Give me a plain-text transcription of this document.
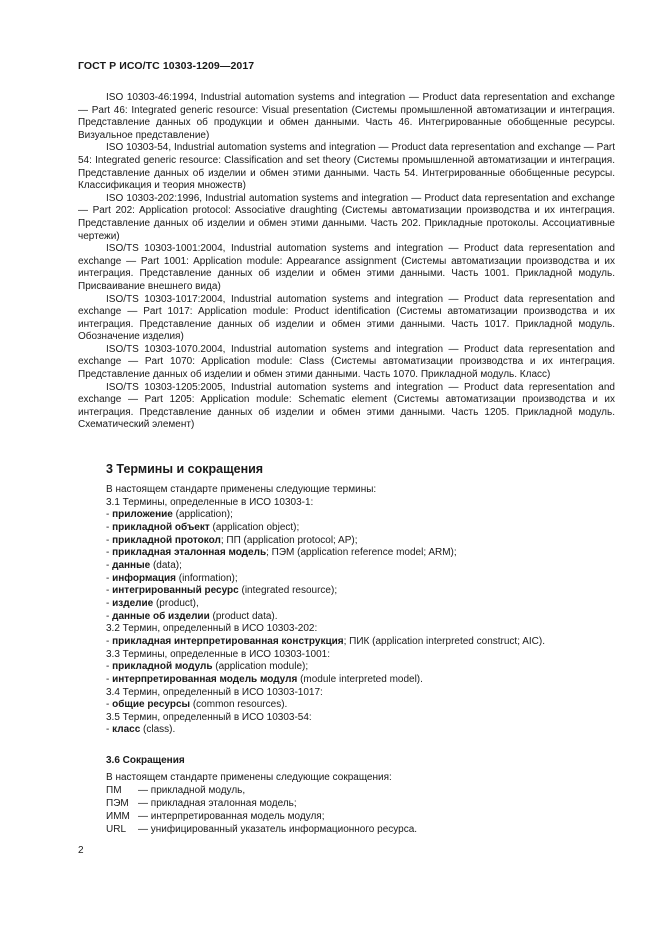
ГОСТ Р ИСО/ТС 10303-1209—2017

ISO 10303-46:1994, Industrial automation systems and integration — Product data representation and exchange — Part 46: Integrated generic resource: Visual presentation (Системы промышленной автоматизации и интеграция. Представление данных об продукции и обмен данными. Часть 46. Интегрированные обобщенные ресурсы. Визуальное представление)

ISO 10303-54, Industrial automation systems and integration — Product data representation and exchange — Part 54: Integrated generic resource: Classification and set theory (Системы промышленной автоматизации и интеграция. Представление данных об изделии и обмен этими данными. Часть 54. Интегрированные обобщенные ресурсы. Классификация и теория множеств)

ISO 10303-202:1996, Industrial automation systems and integration — Product data representation and exchange — Part 202: Application protocol: Associative draughting (Системы автоматизации производства и их интеграция. Представление данных об изделии и обмен этими данными. Часть 202. Прикладные протоколы. Ассоциативные чертежи)

ISO/TS 10303-1001:2004, Industrial automation systems and integration — Product data representation and exchange — Part 1001: Application module: Appearance assignment (Системы автоматизации производства и их интеграция. Представление данных об изделии и обмен этими данными. Часть 1001. Прикладной модуль. Присваивание внешнего вида)

ISO/TS 10303-1017:2004, Industrial automation systems and integration — Product data representation and exchange — Part 1017: Application module: Product identification (Системы автоматизации производства и их интеграция. Представление данных об изделии и обмен этими данными. Часть 1017. Прикладной модуль. Обозначение изделия)

ISO/TS 10303-1070.2004, Industrial automation systems and integration — Product data representation and exchange — Part 1070: Application module: Class (Системы автоматизации производства и их интеграция. Представление данных об изделии и обмен этими данными. Часть 1070. Прикладной модуль. Класс)

ISO/TS 10303-1205:2005, Industrial automation systems and integration — Product data representation and exchange — Part 1205: Application module: Schematic element (Системы автоматизации производства и их интеграция. Представление данных об изделии и обмен этими данными. Часть 1205. Прикладной модуль. Схематический элемент)

3 Термины и сокращения
В настоящем стандарте применены следующие термины:
3.1 Термины, определенные в ИСО 10303-1:
- приложение (application);
- прикладной объект (application object);
- прикладной протокол; ПП (application protocol; AP);
- прикладная эталонная модель; ПЭМ (application reference model; ARM);
- данные (data);
- информация (information);
- интегрированный ресурс (integrated resource);
- изделие (product),
- данные об изделии (product data).
3.2 Термин, определенный в ИСО 10303-202:
- прикладная интерпретированная конструкция; ПИК (application interpreted construct; AIC).
3.3 Термины, определенные в ИСО 10303-1001:
- прикладной модуль (application module);
- интерпретированная модель модуля (module interpreted model).
3.4 Термин, определенный в ИСО 10303-1017:
- общие ресурсы (common resources).
3.5 Термин, определенный в ИСО 10303-54:
- класс (class).
3.6 Сокращения
В настоящем стандарте применены следующие сокращения:
ПМ	— прикладной модуль,
ПЭМ — прикладная эталонная модель;
ИММ — интерпретированная модель модуля;
URL	— унифицированный указатель информационного ресурса.
2
